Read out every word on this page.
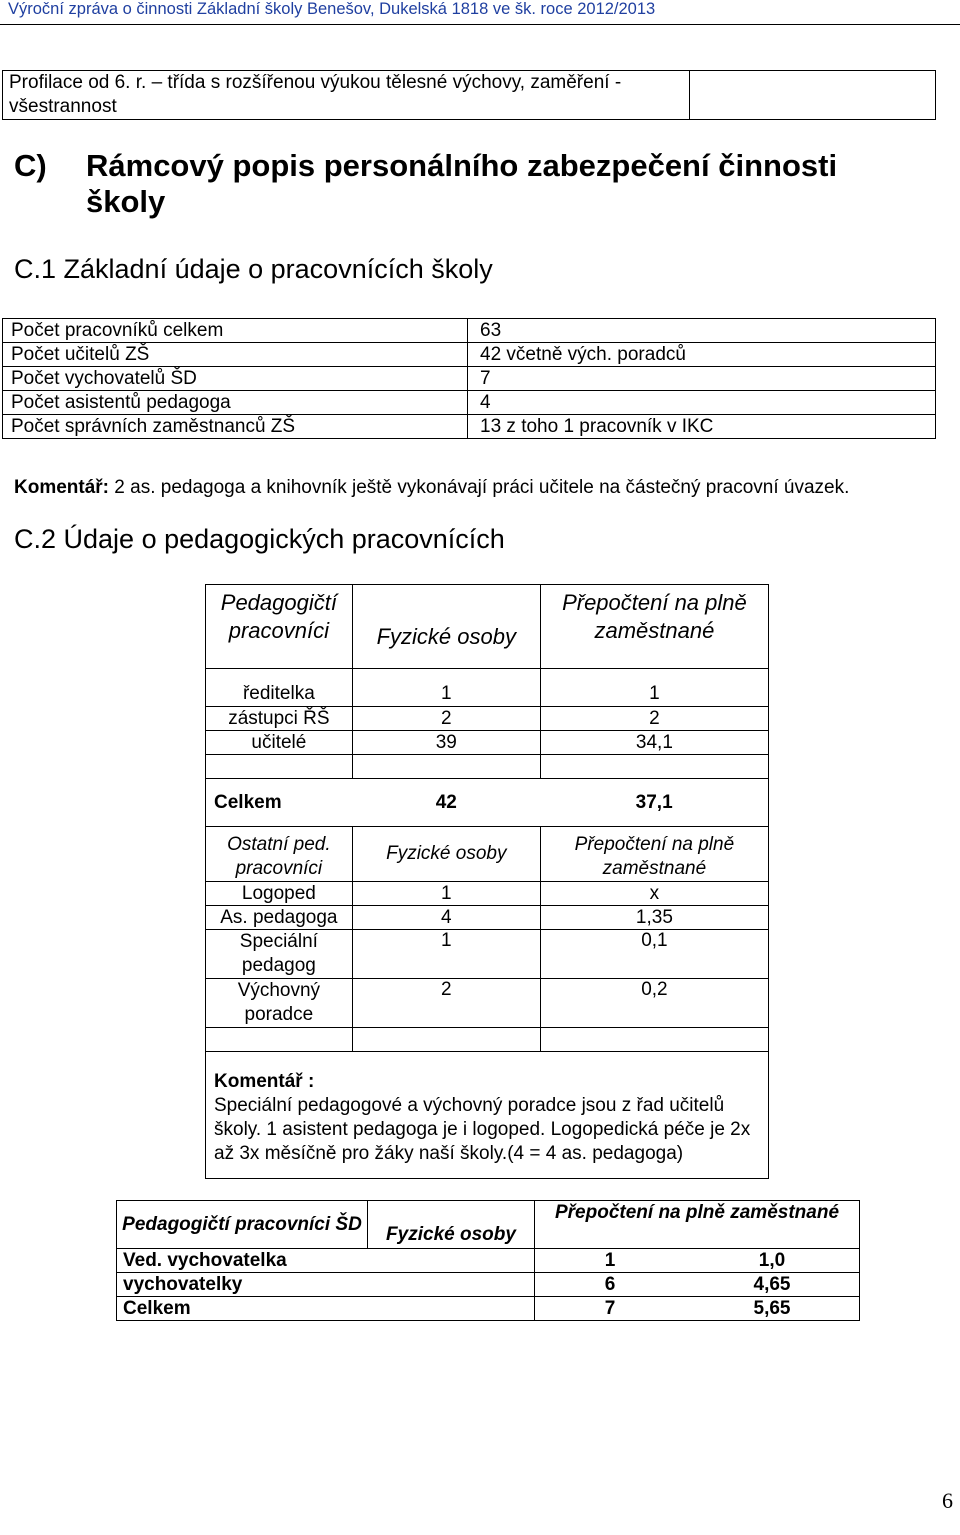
Výroční zpráva o činnosti Základní školy Benešov, Dukelská 1818 ve šk. roce 2012/2013
Profilace od 6. r. – třída s rozšířenou výukou tělesné výchovy, zaměření -
všestrannost

C) Rámcový popis personálního zabezpečení činnosti školy
C.1 Základní údaje o pracovnících školy
Počet pracovníků celkem	63
Počet učitelů ZŠ	42 včetně vých. poradců
Počet vychovatelů ŠD	7
Počet asistentů pedagoga	4
Počet správních zaměstnanců ZŠ	13 z toho 1 pracovník v IKC
Komentář: 2 as. pedagoga a knihovník ještě vykonávají práci učitele na částečný pracovní úvazek.
C.2 Údaje o pedagogických pracovnících
Pedagogičtí pracovníci	Fyzické osoby	Přepočtení na plně zaměstnané

ředitelka	1	1
zástupci ŘŠ	2	2
učitelé	39	34,1

Celkem	42	37,1
Ostatní ped. pracovníci	Fyzické osoby	Přepočtení na plně zaměstnané
Logoped	1	x
As. pedagoga	4	1,35
Speciální pedagog	1	0,1
Výchovný poradce	2	0,2

Komentář :
Speciální pedagogové a výchovný poradce jsou z řad učitelů školy. 1 asistent pedagoga je i logoped. Logopedická péče je 2x až 3x měsíčně pro žáky naší školy.(4 = 4 as. pedagoga)		
Pedagogičtí pracovníci ŠD	Fyzické osoby	Přepočtení na plně zaměstnané
Ved. vychovatelka		1 1,0

vychovatelky		6 4,65

Celkem		7 5,65
6
